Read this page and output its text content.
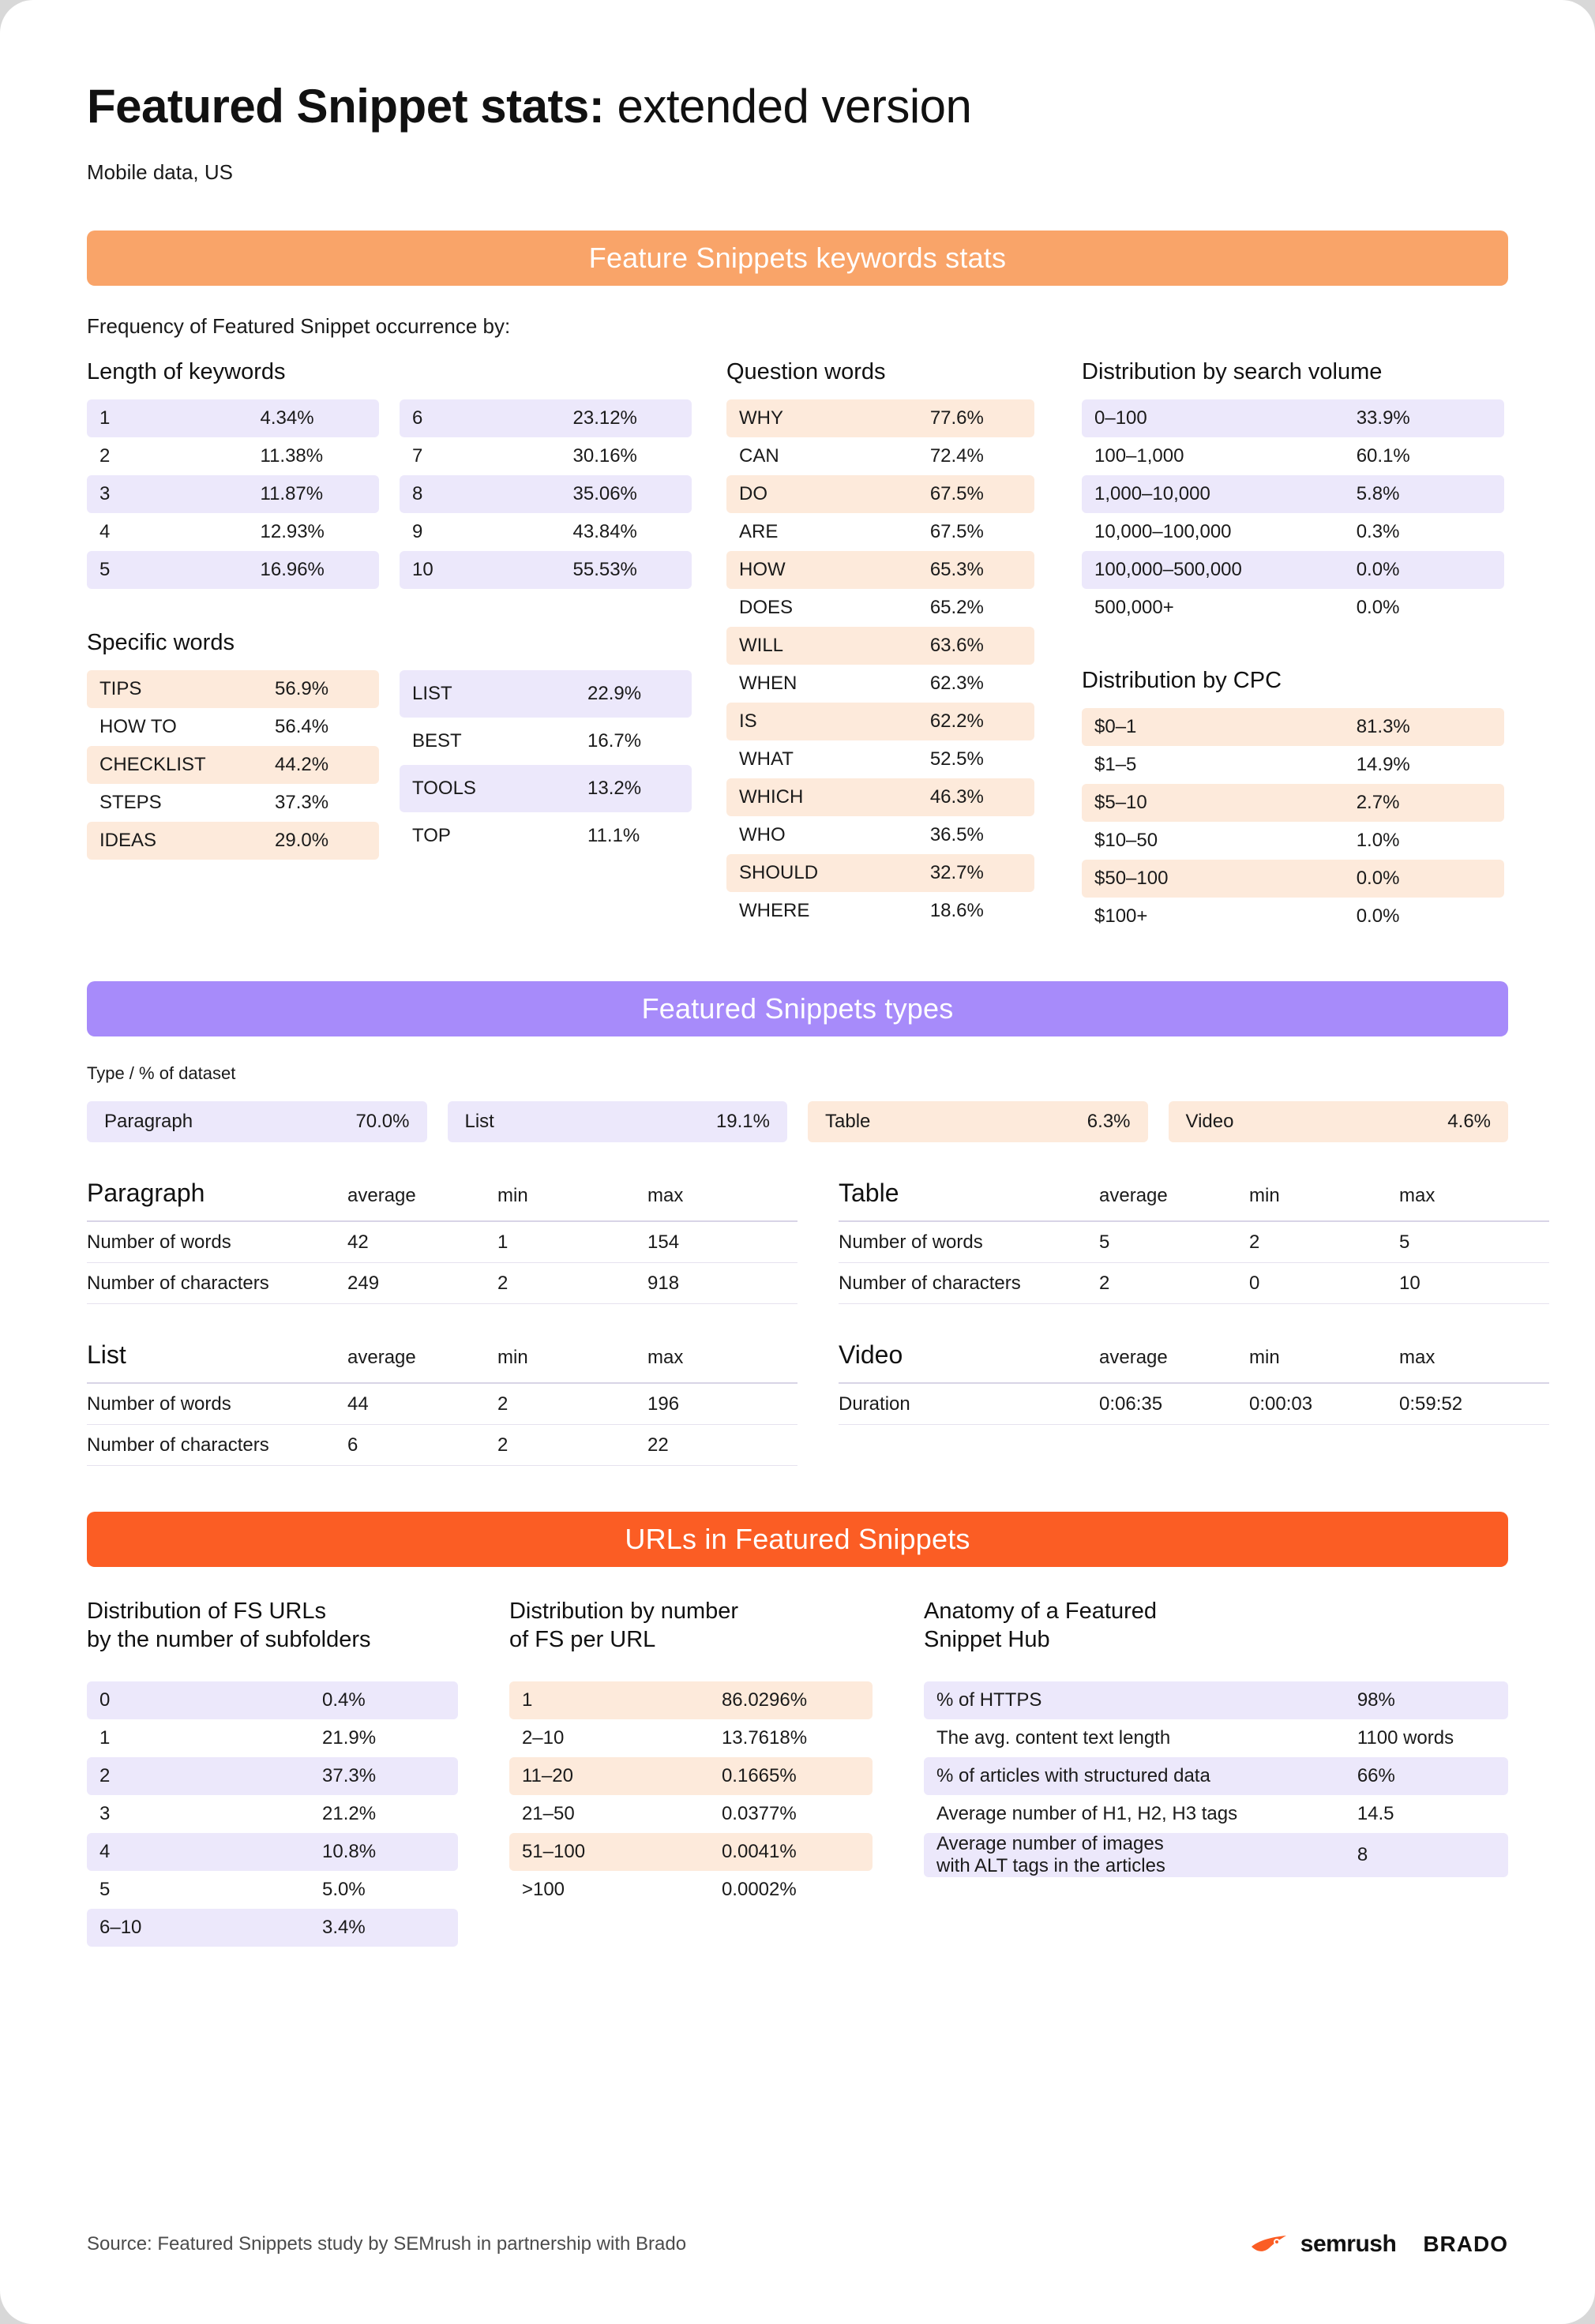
Featured Snippet stats: extended version
Mobile data, US
Feature Snippets keywords stats
Frequency of Featured Snippet occurrence by:
Length of keywords
1	4.34%
2	11.38%
3	11.87%
4	12.93%
5	16.96%
6	23.12%
7	30.16%
8	35.06%
9	43.84%
10	55.53%
Specific words
TIPS	56.9%
HOW TO	56.4%
CHECKLIST	44.2%
STEPS	37.3%
IDEAS	29.0%
LIST	22.9%
BEST	16.7%
TOOLS	13.2%
TOP	11.1%
Question words
WHY	77.6%
CAN	72.4%
DO	67.5%
ARE	67.5%
HOW	65.3%
DOES	65.2%
WILL	63.6%
WHEN	62.3%
IS	62.2%
WHAT	52.5%
WHICH	46.3%
WHO	36.5%
SHOULD	32.7%
WHERE	18.6%
Distribution by search volume
0–100	33.9%
100–1,000	60.1%
1,000–10,000	5.8%
10,000–100,000	0.3%
100,000–500,000	0.0%
500,000+	0.0%
Distribution by CPC
$0–1	81.3%
$1–5	14.9%
$5–10	2.7%
$10–50	1.0%
$50–100	0.0%
$100+	0.0%
Featured Snippets types
Type / % of dataset
Paragraph	70.0%	List	19.1%	Table	6.3%	Video	4.6%
Paragraph	average	min	max
Number of words	42	1	154
Number of characters	249	2	918
List	average	min	max
Number of words	44	2	196
Number of characters	6	2	22
Table	average	min	max
Number of words	5	2	5
Number of characters	2	0	10
Video	average	min	max
Duration	0:06:35	0:00:03	0:59:52
URLs in Featured Snippets
Distribution of FS URLs
by the number of subfolders
0	0.4%
1	21.9%
2	37.3%
3	21.2%
4	10.8%
5	5.0%
6–10	3.4%
Distribution by number
of FS per URL
1	86.0296%
2–10	13.7618%
11–20	0.1665%
21–50	0.0377%
51–100	0.0041%
>100	0.0002%
Anatomy of a Featured
Snippet Hub
% of HTTPS	98%
The avg. content text length	1100 words
% of articles with structured data	66%
Average number of H1, H2, H3 tags	14.5
Average number of images
with ALT tags in the articles	8
Source: Featured Snippets study by SEMrush in partnership with Brado	semrush BRADO
